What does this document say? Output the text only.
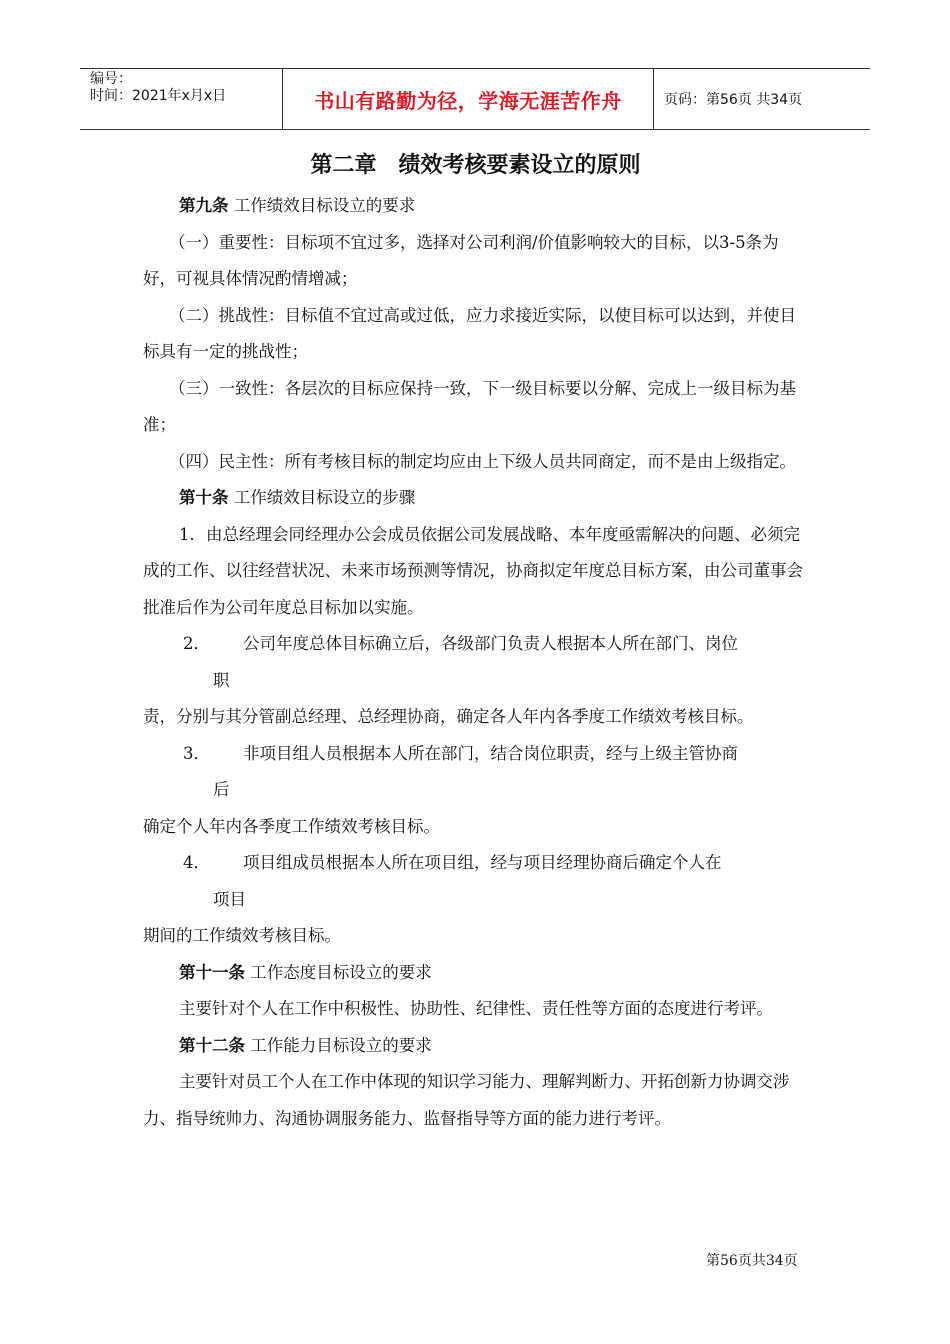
编号：
时间：2021年x月x日	书山有路勤为径，学海无涯苦作舟	页码：第56页 共34页
第二章　绩效考核要素设立的原则
第九条 工作绩效目标设立的要求

（一）重要性：目标项不宜过多，选择对公司利润/价值影响较大的目标，以3-5条为好，可视具体情况酌情增减；

（二）挑战性：目标值不宜过高或过低，应力求接近实际，以使目标可以达到，并使目标具有一定的挑战性；

（三）一致性：各层次的目标应保持一致，下一级目标要以分解、完成上一级目标为基准；

（四）民主性：所有考核目标的制定均应由上下级人员共同商定，而不是由上级指定。

第十条 工作绩效目标设立的步骤

1．由总经理会同经理办公会成员依据公司发展战略、本年度亟需解决的问题、必须完成的工作、以往经营状况、未来市场预测等情况，协商拟定年度总目标方案，由公司董事会批准后作为公司年度总目标加以实施。

2．	公司年度总体目标确立后，各级部门负责人根据本人所在部门、岗位
职

责，分别与其分管副总经理、总经理协商，确定各人年内各季度工作绩效考核目标。

3．	非项目组人员根据本人所在部门，结合岗位职责，经与上级主管协商
后

确定个人年内各季度工作绩效考核目标。

4．	项目组成员根据本人所在项目组，经与项目经理协商后确定个人在
项目

期间的工作绩效考核目标。

第十一条 工作态度目标设立的要求

主要针对个人在工作中积极性、协助性、纪律性、责任性等方面的态度进行考评。

第十二条 工作能力目标设立的要求

主要针对员工个人在工作中体现的知识学习能力、理解判断力、开拓创新力协调交涉力、指导统帅力、沟通协调服务能力、监督指导等方面的能力进行考评。

第56页共34页
